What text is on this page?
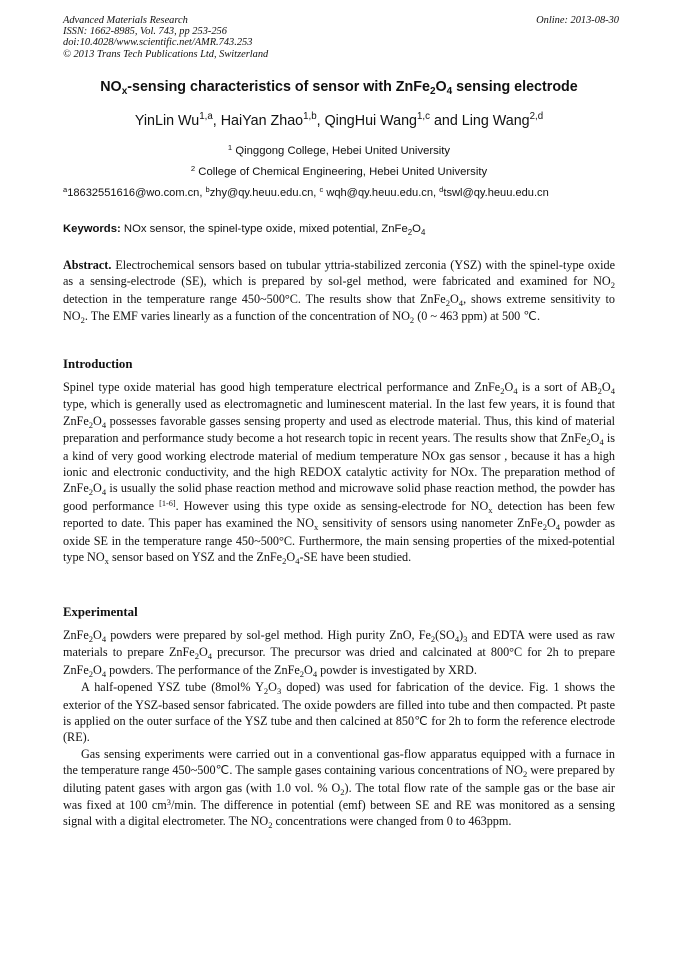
Advanced Materials Research
ISSN: 1662-8985, Vol. 743, pp 253-256
doi:10.4028/www.scientific.net/AMR.743.253
© 2013 Trans Tech Publications Ltd, Switzerland
Online: 2013-08-30
$NO_x$-sensing characteristics of sensor with $ZnFe_2O_4$ sensing electrode
YinLin Wu$^{1,a}$, HaiYan Zhao$^{1,b}$, QingHui Wang$^{1,c}$ and Ling Wang$^{2,d}$
$^1$ Qinggong College, Hebei United University
$^2$ College of Chemical Engineering, Hebei United University
$^a$18632551616@wo.com.cn, $^b$zhy@qy.heuu.edu.cn, $^c$ wqh@qy.heuu.edu.cn, $^d$tswl@qy.heuu.edu.cn
Keywords: NOx sensor, the spinel-type oxide, mixed potential, $ZnFe_2O_4$
Abstract. Electrochemical sensors based on tubular yttria-stabilized zerconia (YSZ) with the spinel-type oxide as a sensing-electrode (SE), which is prepared by sol-gel method, were fabricated and examined for $NO_2$ detection in the temperature range 450~500°C. The results show that $ZnFe_2O_4$, shows extreme sensitivity to $NO_2$. The EMF varies linearly as a function of the concentration of $NO_2$ (0 ~ 463 ppm) at 500 ℃.
Introduction
Spinel type oxide material has good high temperature electrical performance and $ZnFe_2O_4$ is a sort of $AB_2O_4$ type, which is generally used as electromagnetic and luminescent material. In the last few years, it is found that $ZnFe_2O_4$ possesses favorable gasses sensing property and used as electrode material. Thus, this kind of material preparation and performance study become a hot research topic in recent years. The results show that $ZnFe_2O_4$ is a kind of very good working electrode material of medium temperature NOx gas sensor , because it has a high ionic and electronic conductivity, and the high REDOX catalytic activity for NOx. The preparation method of $ZnFe_2O_4$ is usually the solid phase reaction method and microwave solid phase reaction method, the powder has good performance [1-6]. However using this type oxide as sensing-electrode for $NO_x$ detection has been few reported to date. This paper has examined the $NO_x$ sensitivity of sensors using nanometer $ZnFe_2O_4$ powder as oxide SE in the temperature range 450~500°C. Furthermore, the main sensing properties of the mixed-potential type $NO_x$ sensor based on YSZ and the $ZnFe_2O_4-SE$ have been studied.
Experimental
$ZnFe_2O_4$ powders were prepared by sol-gel method. High purity ZnO, $Fe_2(SO_4)_3$ and EDTA were used as raw materials to prepare $ZnFe_2O_4$ precursor. The precursor was dried and calcinated at 800°C for 2h to prepare $ZnFe_2O_4$ powders. The performance of the $ZnFe_2O_4$ powder is investigated by XRD.
A half-opened YSZ tube (8mol% $Y_2O_3$ doped) was used for fabrication of the device. Fig. 1 shows the exterior of the YSZ-based sensor fabricated. The oxide powders are filled into tube and then compacted. Pt paste is applied on the outer surface of the YSZ tube and then calcined at 850℃ for 2h to form the reference electrode (RE).
Gas sensing experiments were carried out in a conventional gas-flow apparatus equipped with a furnace in the temperature range 450~500℃. The sample gases containing various concentrations of $NO_2$ were prepared by diluting patent gases with argon gas (with 1.0 vol. % $O_2$). The total flow rate of the sample gas or the base air was fixed at 100 $cm^3/\min$. The difference in potential (emf) between SE and RE was monitored as a sensing signal with a digital electrometer. The $NO_2$ concentrations were changed from 0 to 463ppm.
